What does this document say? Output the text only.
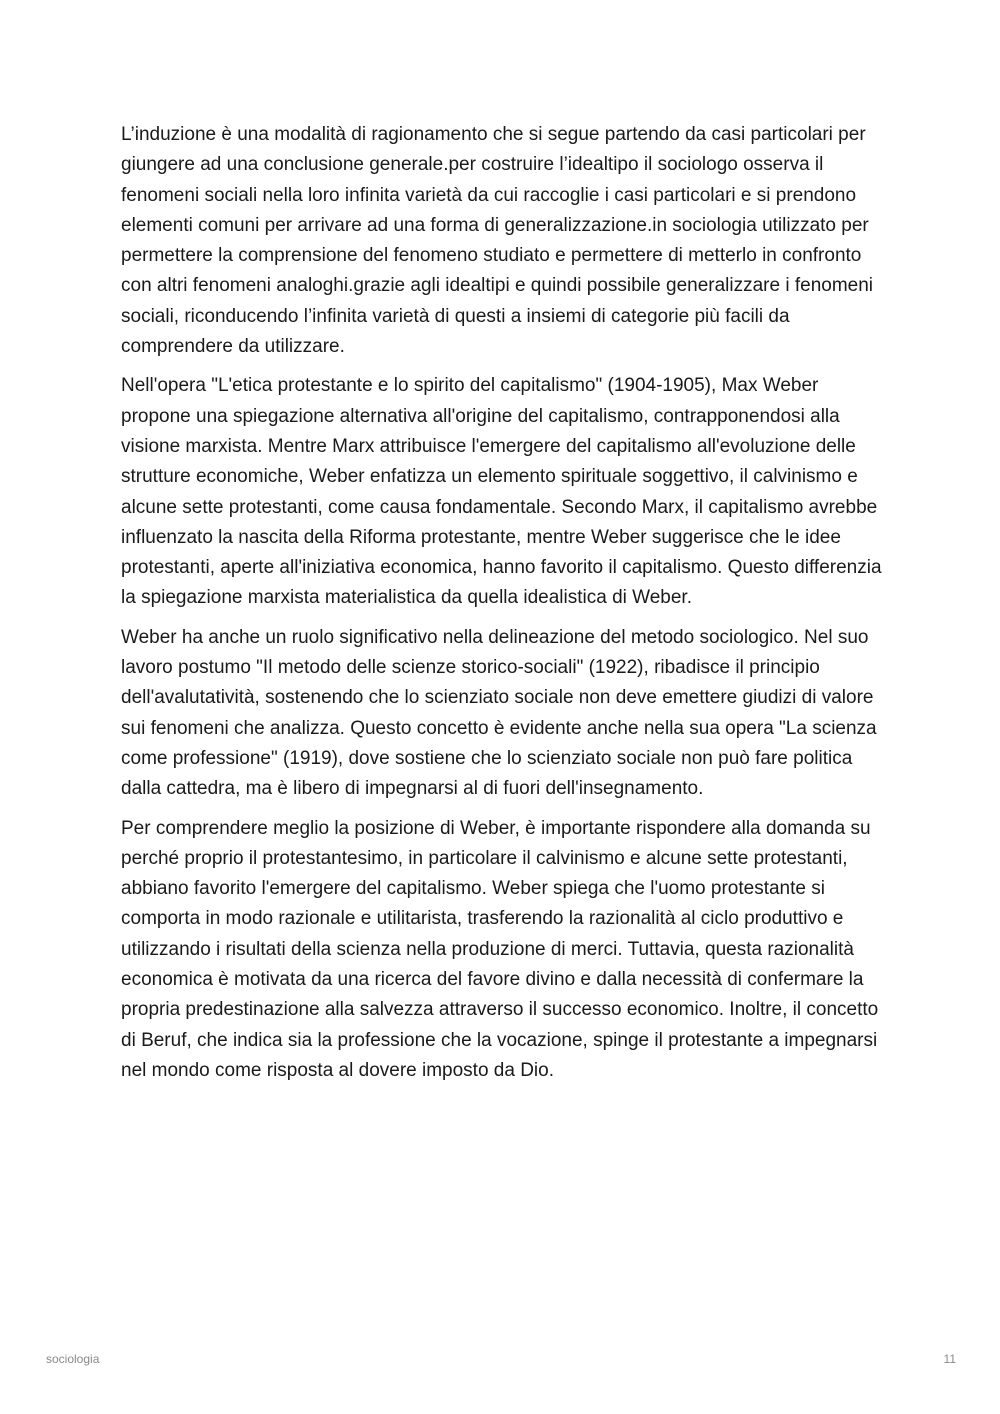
L’induzione è una modalità di ragionamento che si segue partendo da casi particolari per giungere ad una conclusione generale.per costruire l’idealtipo il sociologo osserva il fenomeni sociali nella loro infinita varietà da cui raccoglie i casi particolari e si prendono elementi comuni per arrivare ad una forma di generalizzazione.in sociologia utilizzato per permettere la comprensione del fenomeno studiato e permettere di metterlo in confronto con altri fenomeni analoghi.grazie agli idealtipi e quindi possibile generalizzare i fenomeni sociali, riconducendo l’infinita varietà di questi a insiemi di categorie più facili da comprendere da utilizzare.

Nell'opera "L'etica protestante e lo spirito del capitalismo" (1904-1905), Max Weber propone una spiegazione alternativa all'origine del capitalismo, contrapponendosi alla visione marxista. Mentre Marx attribuisce l'emergere del capitalismo all'evoluzione delle strutture economiche, Weber enfatizza un elemento spirituale soggettivo, il calvinismo e alcune sette protestanti, come causa fondamentale. Secondo Marx, il capitalismo avrebbe influenzato la nascita della Riforma protestante, mentre Weber suggerisce che le idee protestanti, aperte all'iniziativa economica, hanno favorito il capitalismo. Questo differenzia la spiegazione marxista materialistica da quella idealistica di Weber.

Weber ha anche un ruolo significativo nella delineazione del metodo sociologico. Nel suo lavoro postumo "Il metodo delle scienze storico-sociali" (1922), ribadisce il principio dell'avalutatività, sostenendo che lo scienziato sociale non deve emettere giudizi di valore sui fenomeni che analizza. Questo concetto è evidente anche nella sua opera "La scienza come professione" (1919), dove sostiene che lo scienziato sociale non può fare politica dalla cattedra, ma è libero di impegnarsi al di fuori dell'insegnamento.

Per comprendere meglio la posizione di Weber, è importante rispondere alla domanda su perché proprio il protestantesimo, in particolare il calvinismo e alcune sette protestanti, abbiano favorito l'emergere del capitalismo. Weber spiega che l'uomo protestante si comporta in modo razionale e utilitarista, trasferendo la razionalità al ciclo produttivo e utilizzando i risultati della scienza nella produzione di merci. Tuttavia, questa razionalità economica è motivata da una ricerca del favore divino e dalla necessità di confermare la propria predestinazione alla salvezza attraverso il successo economico. Inoltre, il concetto di Beruf, che indica sia la professione che la vocazione, spinge il protestante a impegnarsi nel mondo come risposta al dovere imposto da Dio.

sociologia	11
